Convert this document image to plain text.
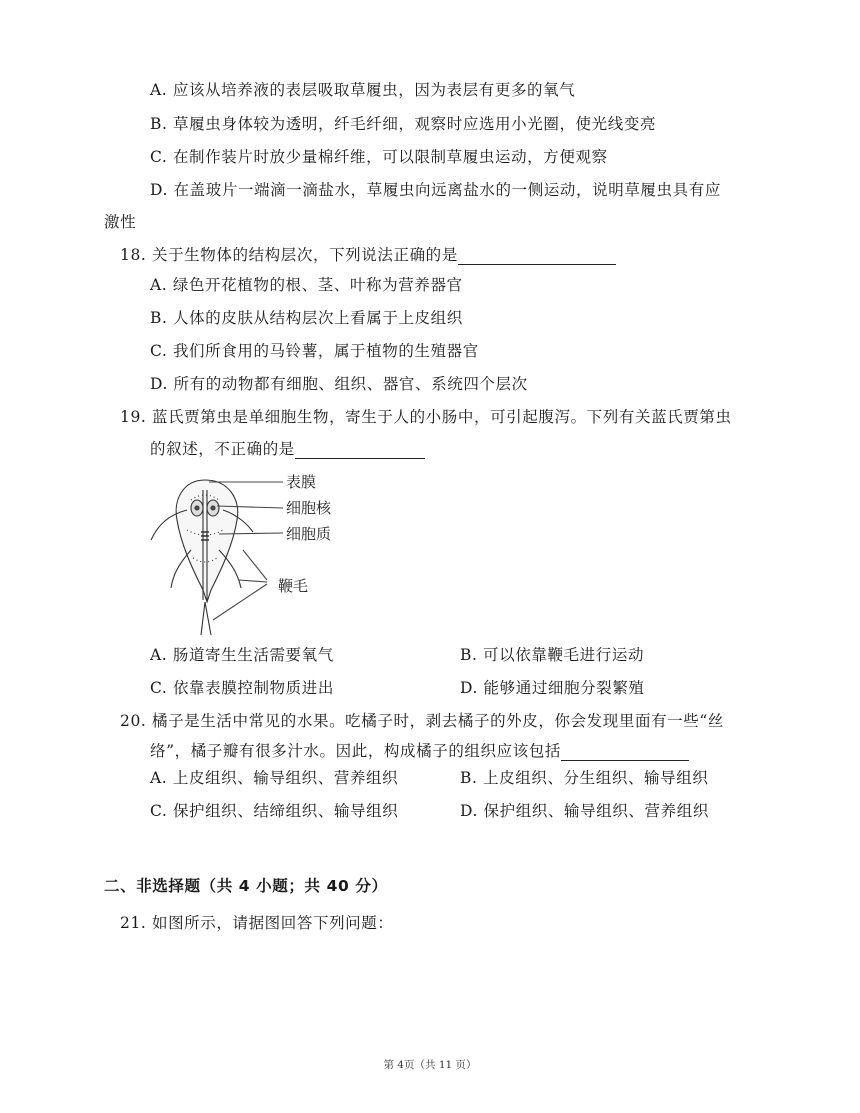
A. 应该从培养液的表层吸取草履虫，因为表层有更多的氧气
B. 草履虫身体较为透明，纤毛纤细，观察时应选用小光圈，使光线变亮
C. 在制作装片时放少量棉纤维，可以限制草履虫运动，方便观察
D. 在盖玻片一端滴一滴盐水，草履虫向远离盐水的一侧运动，说明草履虫具有应
激性
18. 关于生物体的结构层次，下列说法正确的是
A. 绿色开花植物的根、茎、叶称为营养器官
B. 人体的皮肤从结构层次上看属于上皮组织
C. 我们所食用的马铃薯，属于植物的生殖器官
D. 所有的动物都有细胞、组织、器官、系统四个层次
19. 蓝氏贾第虫是单细胞生物，寄生于人的小肠中，可引起腹泻。下列有关蓝氏贾第虫
的叙述，不正确的是
表膜
细胞核
细胞质
鞭毛
A. 肠道寄生生活需要氧气	B. 可以依靠鞭毛进行运动
C. 依靠表膜控制物质进出	D. 能够通过细胞分裂繁殖
20. 橘子是生活中常见的水果。吃橘子时，剥去橘子的外皮，你会发现里面有一些“丝
络”，橘子瓣有很多汁水。因此，构成橘子的组织应该包括
A. 上皮组织、输导组织、营养组织	B. 上皮组织、分生组织、输导组织
C. 保护组织、结缔组织、输导组织	D. 保护组织、输导组织、营养组织
二、非选择题（共 4 小题；共 40 分）
21. 如图所示，请据图回答下列问题：
第 4页（共 11 页）
